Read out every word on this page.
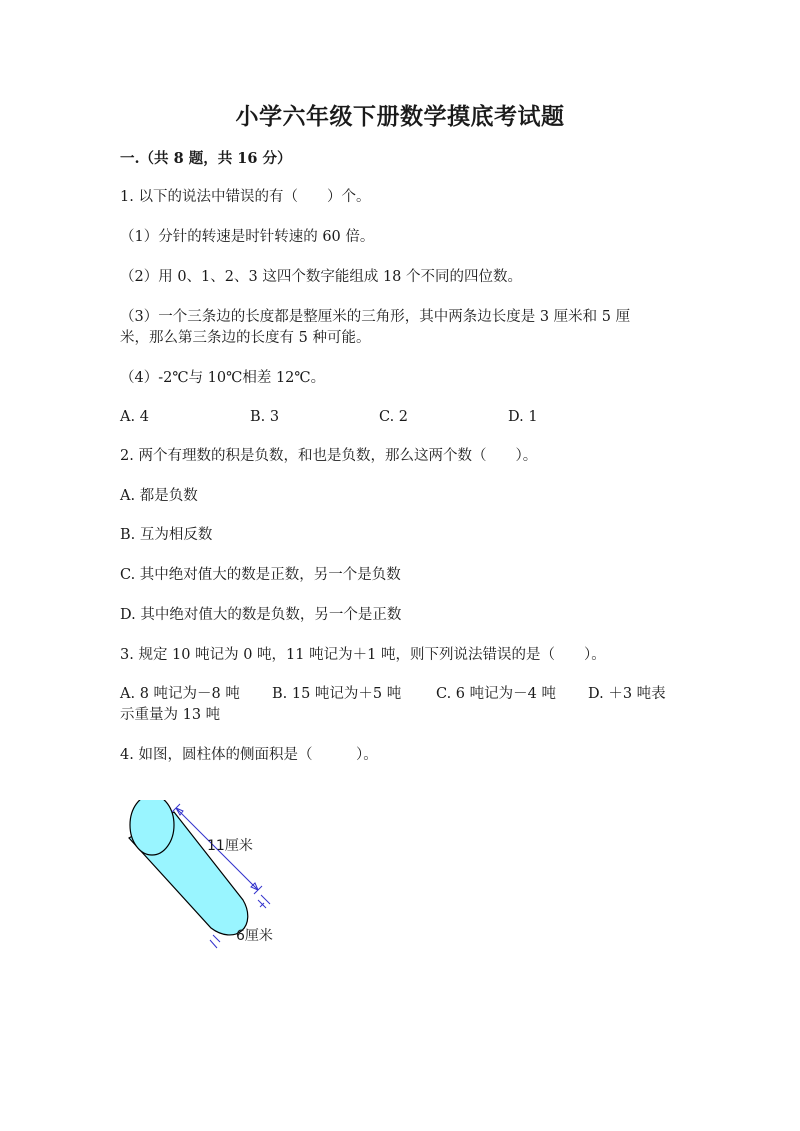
小学六年级下册数学摸底考试题
一.（共 8 题，共 16 分）
1. 以下的说法中错误的有（　　）个。
（1）分针的转速是时针转速的 60 倍。
（2）用 0、1、2、3 这四个数字能组成 18 个不同的四位数。
（3）一个三条边的长度都是整厘米的三角形，其中两条边长度是 3 厘米和 5 厘
米，那么第三条边的长度有 5 种可能。
（4）-2℃与 10℃相差 12℃。
A. 4	B. 3	C. 2	D. 1
2. 两个有理数的积是负数，和也是负数，那么这两个数（　　）。
A. 都是负数
B. 互为相反数
C. 其中绝对值大的数是正数，另一个是负数
D. 其中绝对值大的数是负数，另一个是正数
3. 规定 10 吨记为 0 吨，11 吨记为＋1 吨，则下列说法错误的是（　　）。
A. 8 吨记为－8 吨 B. 15 吨记为＋5 吨 C. 6 吨记为－4 吨 D. ＋3 吨表
示重量为 13 吨
4. 如图，圆柱体的侧面积是（　　　）。
11厘米
6厘米
